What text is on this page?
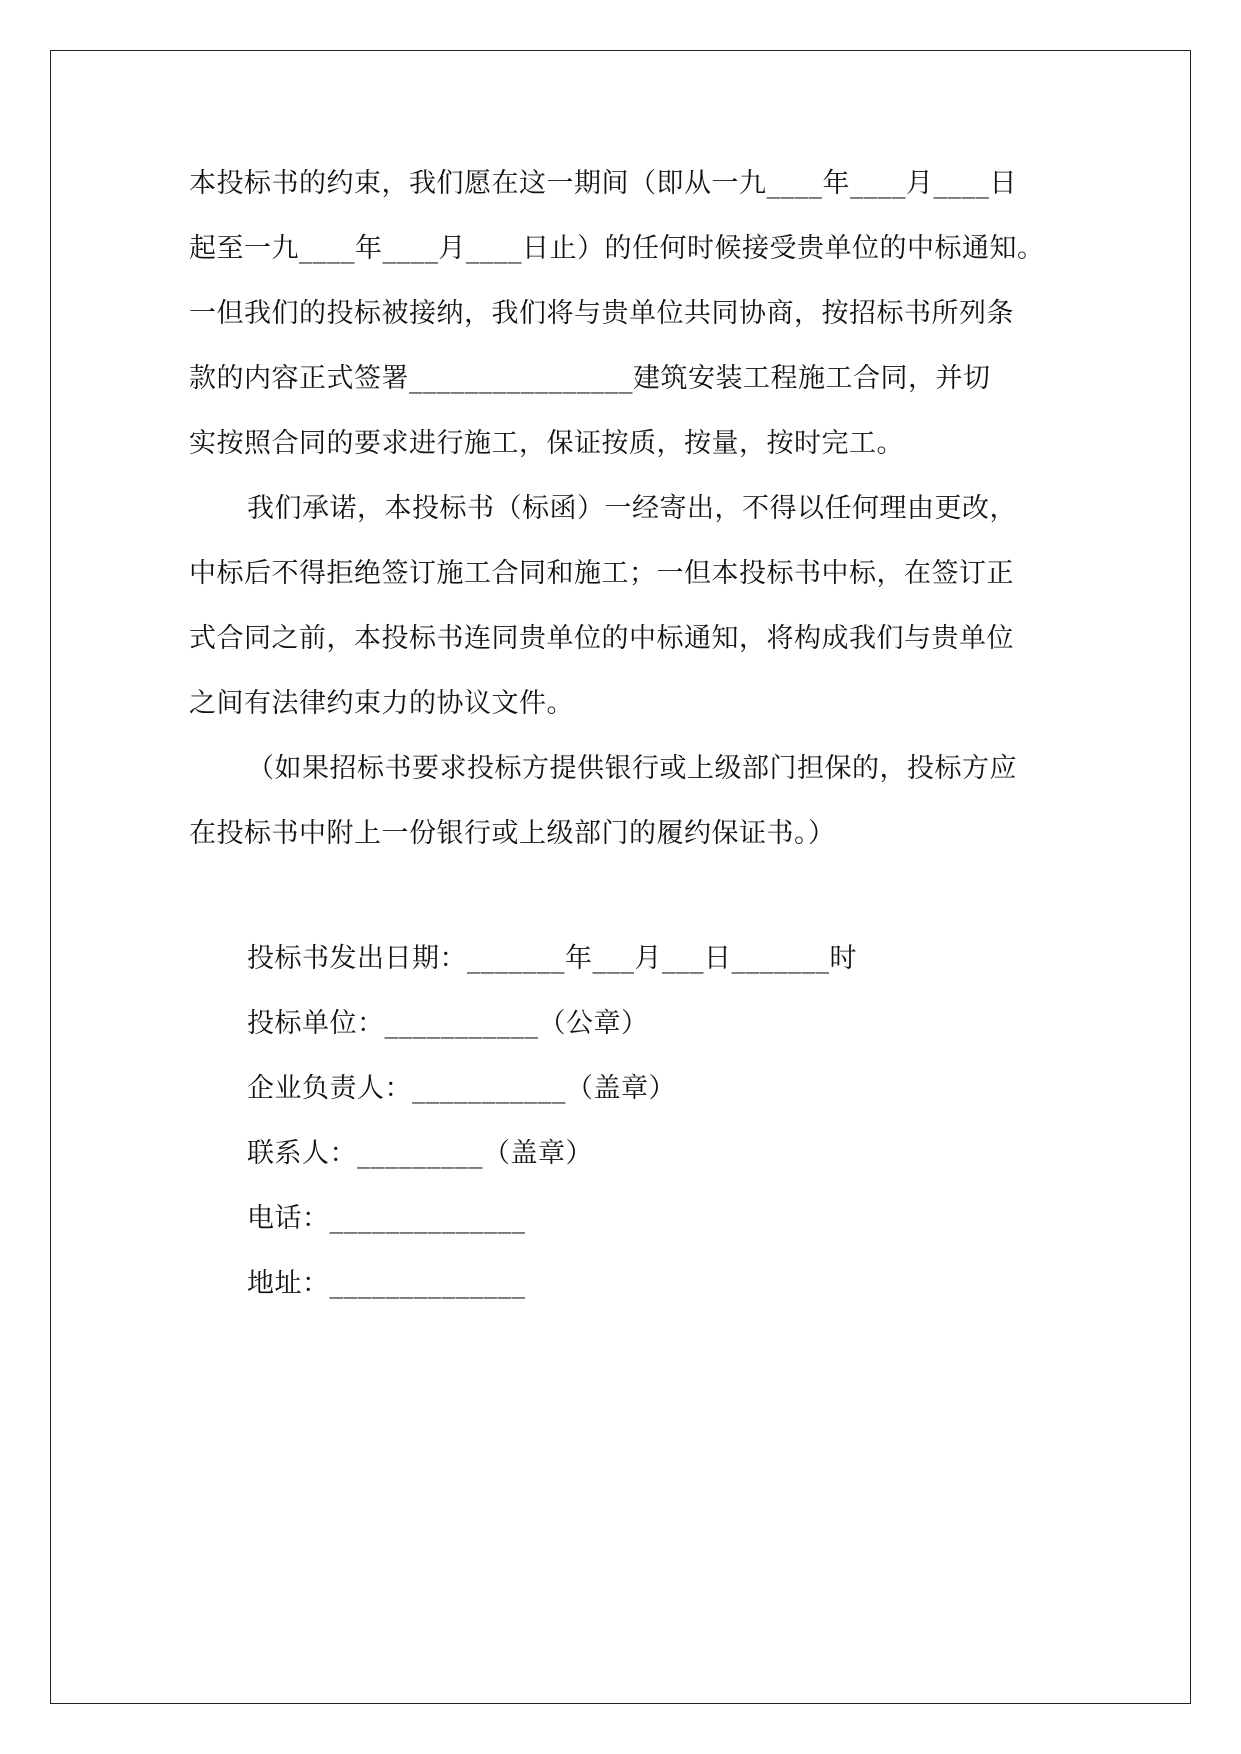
本投标书的约束，我们愿在这一期间（即从一九____年____月____日
起至一九____年____月____日止）的任何时候接受贵单位的中标通知。
一但我们的投标被接纳，我们将与贵单位共同协商，按招标书所列条
款的内容正式签署________________建筑安装工程施工合同，并切
实按照合同的要求进行施工，保证按质，按量，按时完工。
我们承诺，本投标书（标函）一经寄出，不得以任何理由更改，
中标后不得拒绝签订施工合同和施工；一但本投标书中标，在签订正
式合同之前，本投标书连同贵单位的中标通知，将构成我们与贵单位
之间有法律约束力的协议文件。
（如果招标书要求投标方提供银行或上级部门担保的，投标方应
在投标书中附上一份银行或上级部门的履约保证书。）
投标书发出日期：_______年___月___日_______时
投标单位：___________（公章）
企业负责人：___________（盖章）
联系人：_________（盖章）
电话：______________
地址：______________
